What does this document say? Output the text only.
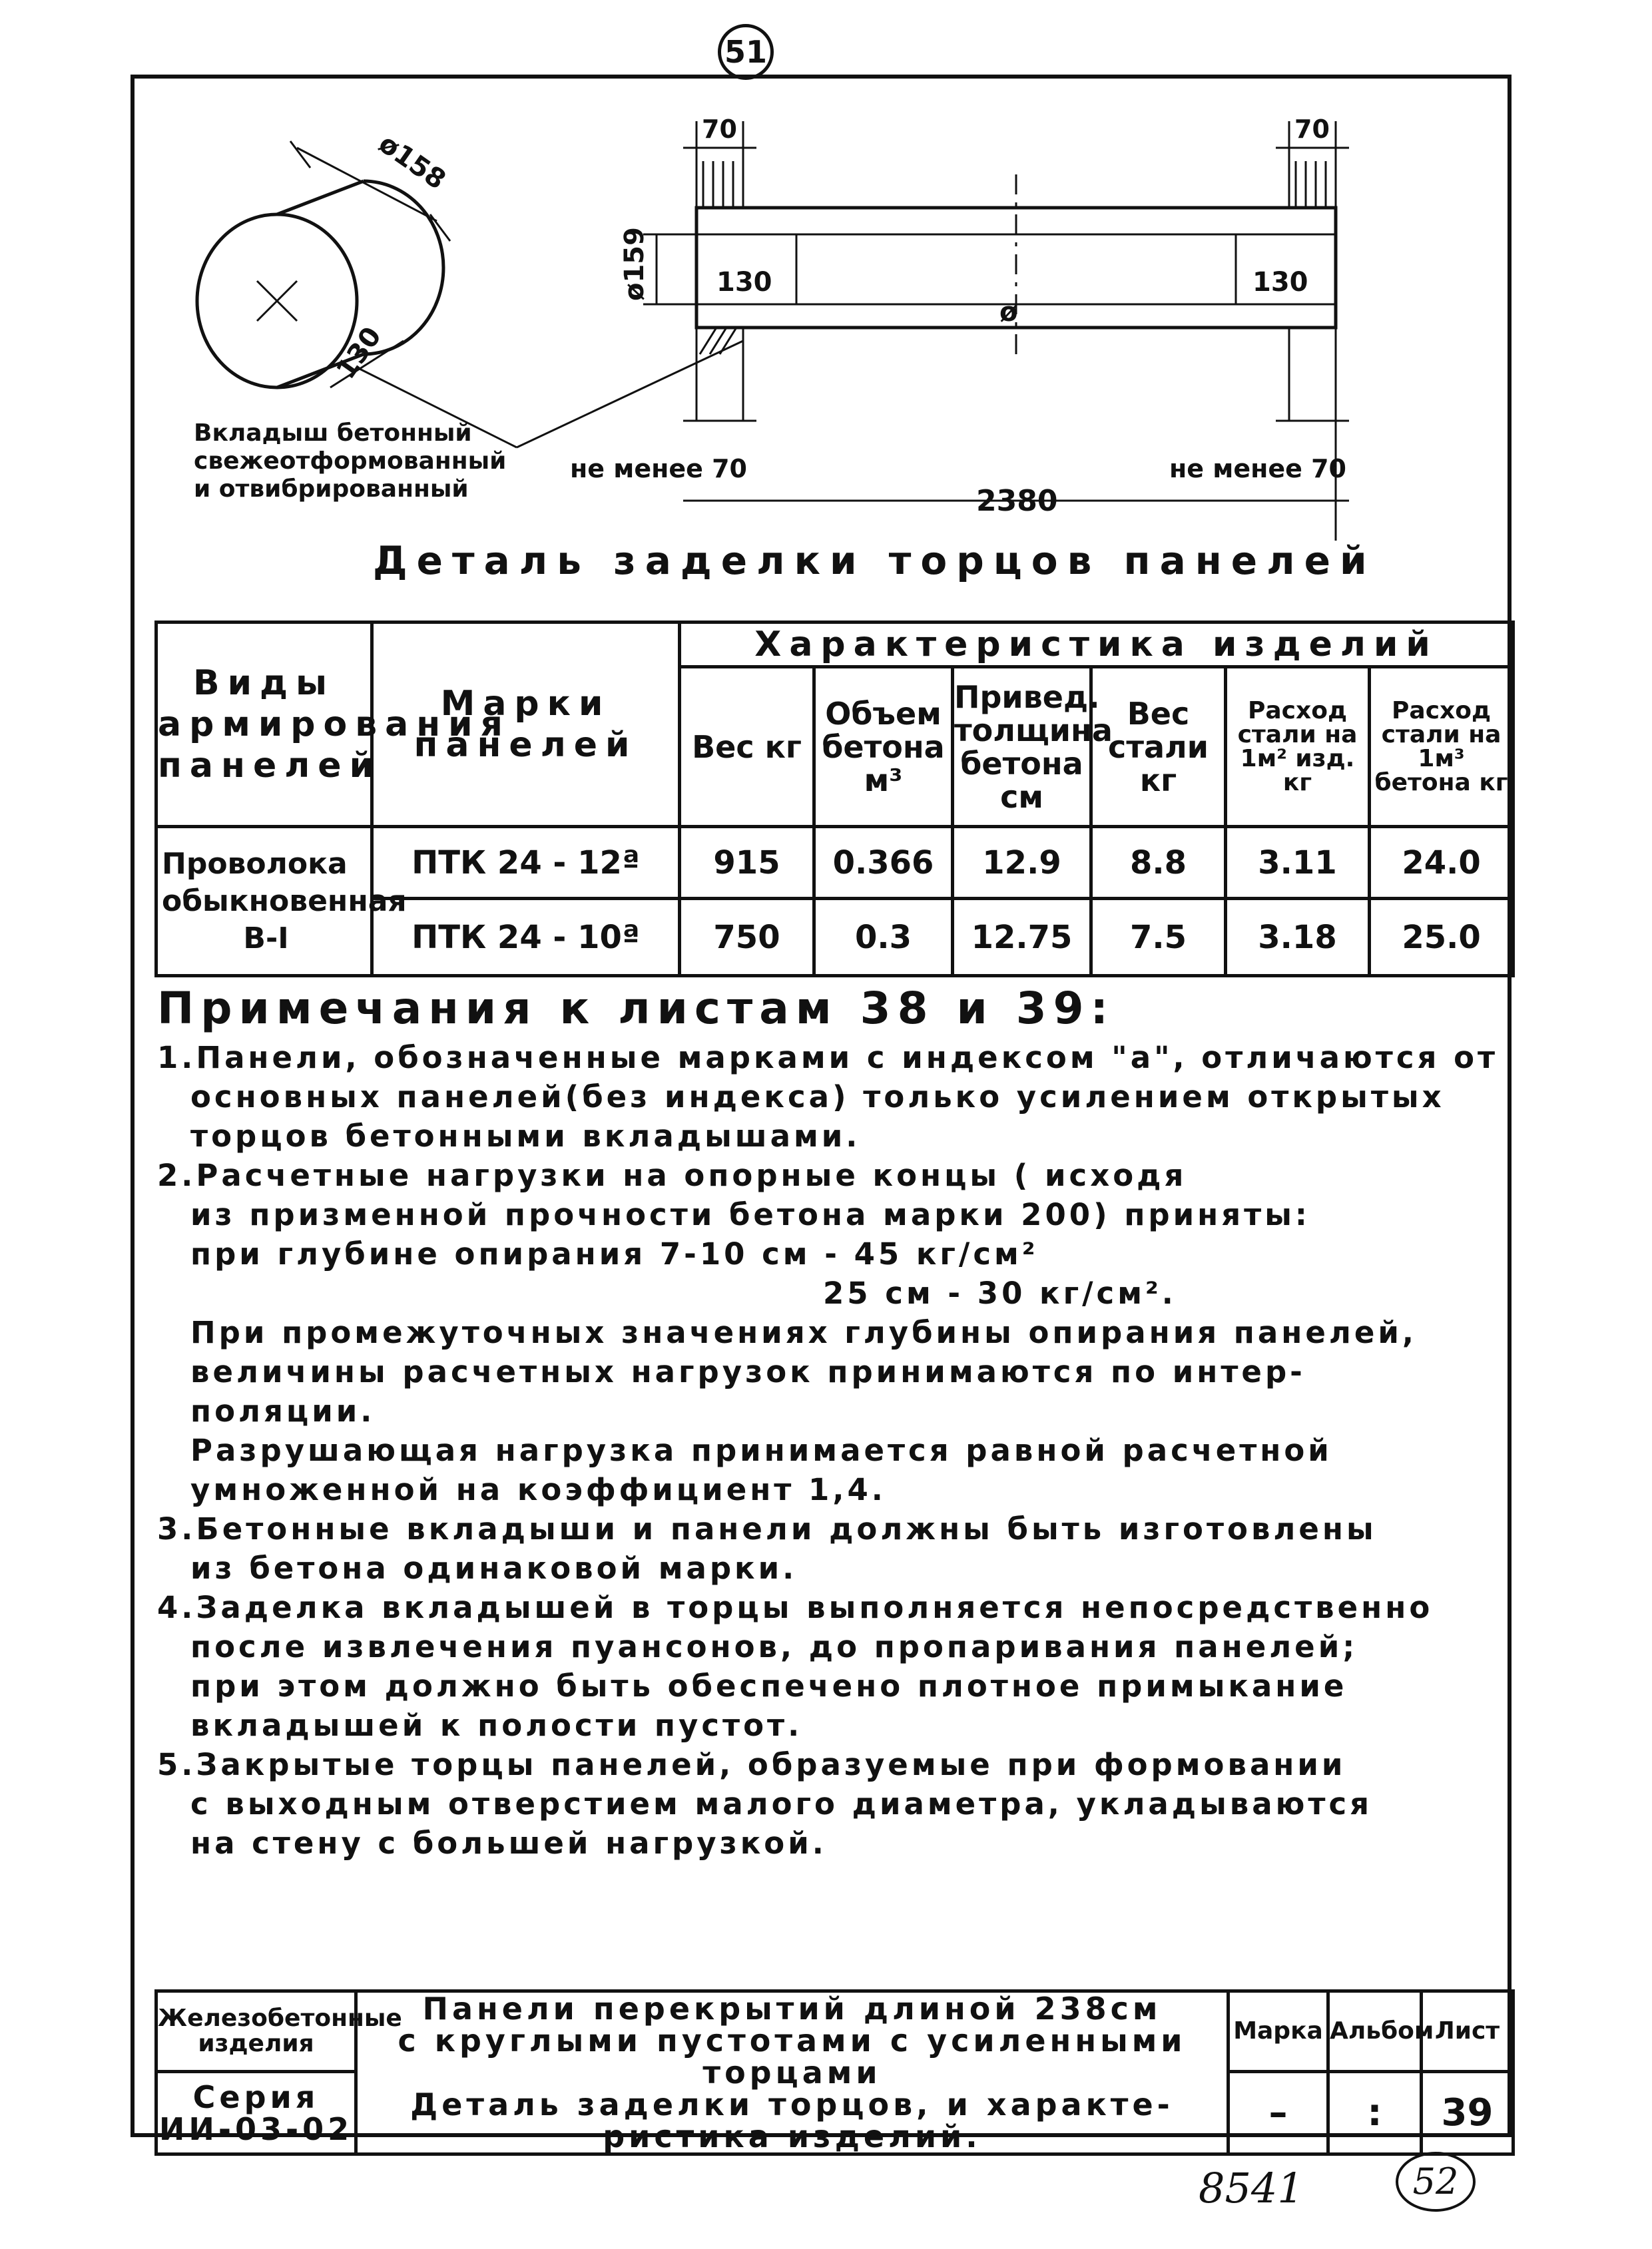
51
70	70
ø158
130
ø159	130	130
ø
не менее 70	не менее 70
2380
Вкладыш бетонный
свежеотформованный
и отвибрированный
Деталь заделки торцов панелей
Виды армирования панелей	Марки панелей	Характеристика изделий					
		Вес кг	Объем бетона м³	Привед. толщина бетона см	Вес стали кг	Расход стали на 1м² изд. кг	Расход стали на 1м³ бетона кг

Проволока
обыкновенная
В-I	ПТК 24 - 12ª	915	0.366	12.9	8.8	3.11	24.0
	ПТК 24 - 10ª	750	0.3	12.75	7.5	3.18	25.0
Примечания к листам 38 и 39:

1.Панели, обозначенные марками с индексом "а", отличаются от

основных панелей(без индекса) только усилением открытых

торцов бетонными вкладышами.

2.Расчетные нагрузки на опорные концы ( исходя

из призменной прочности бетона марки 200) приняты:

при глубине опирания 7-10 см - 45 кг/см²

25 см - 30 кг/см².

При промежуточных значениях глубины опирания панелей,

величины расчетных нагрузок принимаются по интер-

поляции.

Разрушающая нагрузка принимается равной расчетной

умноженной на коэффициент 1,4.

3.Бетонные вкладыши и панели должны быть изготовлены

из бетона одинаковой марки.

4.Заделка вкладышей в торцы выполняется непосредственно

после извлечения пуансонов, до пропаривания панелей;

при этом должно быть обеспечено плотное примыкание

вкладышей к полости пустот.

5.Закрытые торцы панелей, образуемые при формовании

с выходным отверстием малого диаметра, укладываются

на стену с большей нагрузкой.

Железобетонные изделия	Панели перекрытий длиной 238см
с круглыми пустотами с усиленными торцами
Деталь заделки торцов, и характе-
ристика изделий.	Марка	Альбом	Лист

Серия
ИИ-03-02		–	:	39
8541	52
